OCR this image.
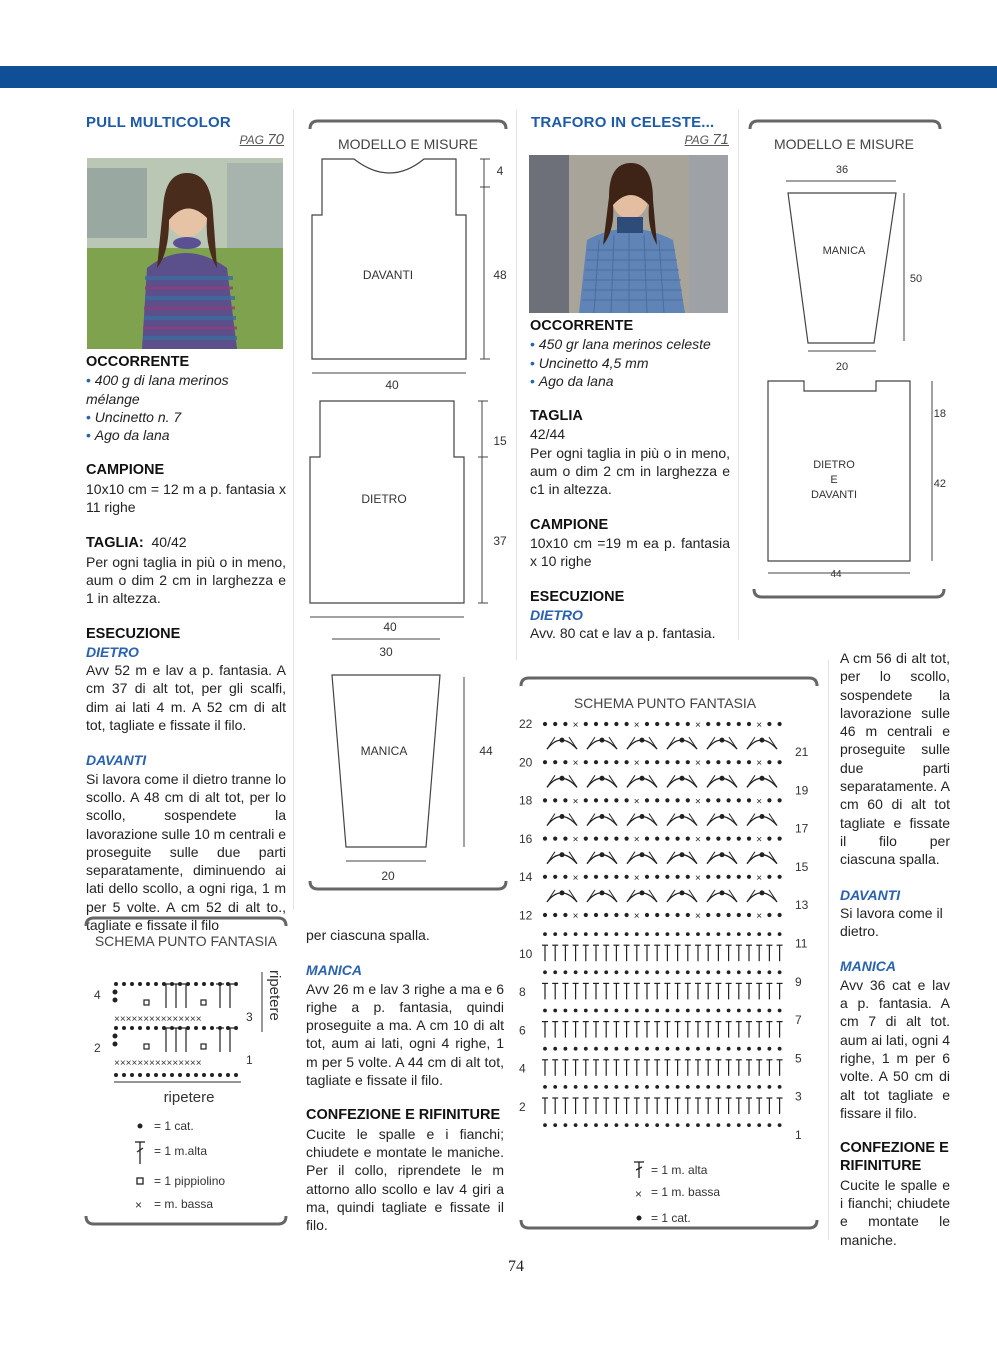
PULL MULTICOLOR
PAG 70

OCCORRENTE

• 400 g di lana merinos mélange

• Uncinetto n. 7

• Ago da lana

CAMPIONE

10x10 cm = 12 m a p. fantasia x 11 righe

TAGLIA: 40/42

Per ogni taglia in più o in meno, aum o dim 2 cm in larghezza e 1 in altezza.

ESECUZIONE

DIETRO

Avv 52 m e lav a p. fantasia. A cm 37 di alt tot, per gli scalfi, dim ai lati 4 m. A 52 cm di alt tot, tagliate e fissate il filo.

DAVANTI

Si lavora come il dietro tranne lo scollo. A 48 cm di alt tot, per lo scollo, sospendete la lavorazione sulle 10 m centrali e proseguite sulle due parti separatamente, diminuendo ai lati dello scollo, a ogni riga, 1 m per 5 volte. A cm 52 di alt to., tagliate e fissate il filo

SCHEMA PUNTO FANTASIA
4
3
2
1
×××××××××××××××
×××××××××××××××
ripetere
ripetere
= 1 cat.
= 1 m.alta
= 1 pippiolino
× = m. bassa
MODELLO E MISURE
DAVANTI
4
48
40
DIETRO
15
37
40
30
MANICA	44
20

per ciascuna spalla.

MANICA

Avv 26 m e lav 3 righe a ma e 6 righe a p. fantasia, quindi proseguite a ma. A cm 10 di alt tot, aum ai lati, ogni 4 righe, 1 m per 5 volte. A 44 cm di alt tot, tagliate e fissate il filo.

CONFEZIONE E RIFINITURE

Cucite le spalle e i fianchi; chiudete e montate le maniche. Per il collo, riprendete le m attorno allo scollo e lav 4 giri a ma, quindi tagliate e fissate il filo.

TRAFORO IN CELESTE...
PAG 71

OCCORRENTE

• 450 gr lana merinos celeste

• Uncinetto 4,5 mm

• Ago da lana

TAGLIA

42/44

Per ogni taglia in più o in meno, aum o dim 2 cm in larghezza e c1 in altezza.

CAMPIONE

10x10 cm =19 m ea p. fantasia x 10 righe

ESECUZIONE

DIETRO

Avv. 80 cat e lav a p. fantasia.

MODELLO E MISURE
36
MANICA
50
20
DIETRO
E
DAVANTI
18
42
44
SCHEMA PUNTO FANTASIA
22
20
18
16
14
12
10
8
6
4
2
21
19
17
15
13
11
9
7
5
3
1
×	×	×	×
×	×	×	×
×	×	×	×
×	×	×	×
×	×	×	×
×	×	×	×
= 1 m. alta
× = 1 m. bassa
= 1 cat.

A cm 56 di alt tot, per lo scollo, sospendete la lavorazione sulle 46 m centrali e proseguite sulle due parti separatamente. A cm 60 di alt tot tagliate e fissate il filo per ciascuna spalla.

DAVANTI

Si lavora come il dietro.

MANICA

Avv 36 cat e lav a p. fantasia. A cm 7 di alt tot. aum ai lati, ogni 4 righe, 1 m per 6 volte. A 50 cm di alt tot tagliate e fissare il filo.

CONFEZIONE E RIFINITURE

Cucite le spalle e i fianchi; chiudete e montate le maniche.

74
